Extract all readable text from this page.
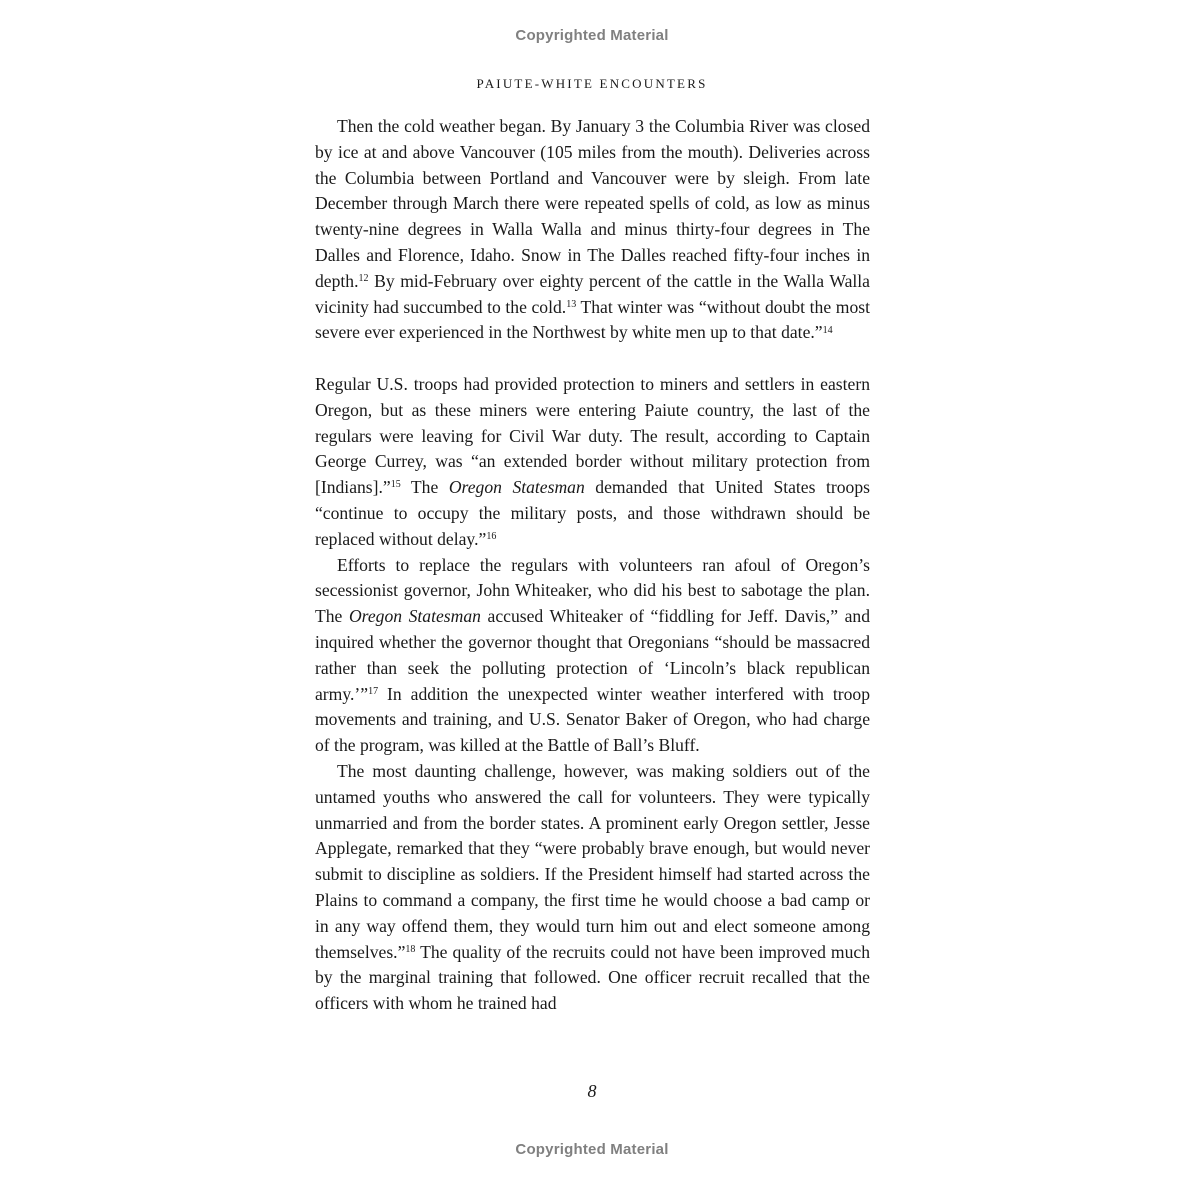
Copyrighted Material
PAIUTE-WHITE ENCOUNTERS

Then the cold weather began. By January 3 the Columbia River was closed by ice at and above Vancouver (105 miles from the mouth). Deliveries across the Columbia between Portland and Vancouver were by sleigh. From late December through March there were repeated spells of cold, as low as minus twenty-nine degrees in Walla Walla and minus thirty-four degrees in The Dalles and Florence, Idaho. Snow in The Dalles reached fifty-four inches in depth.$^{12}$ By mid-February over eighty percent of the cattle in the Walla Walla vicinity had succumbed to the cold.$^{13}$ That winter was “without doubt the most severe ever experienced in the Northwest by white men up to that date.”$^{14}$

Regular U.S. troops had provided protection to miners and settlers in eastern Oregon, but as these miners were entering Paiute country, the last of the regulars were leaving for Civil War duty. The result, according to Captain George Currey, was “an extended border without military protection from [Indians].”$^{15}$ The Oregon Statesman demanded that United States troops “continue to occupy the military posts, and those withdrawn should be replaced without delay.”$^{16}$

Efforts to replace the regulars with volunteers ran afoul of Oregon’s secessionist governor, John Whiteaker, who did his best to sabotage the plan. The Oregon Statesman accused Whiteaker of “fiddling for Jeff. Davis,” and inquired whether the governor thought that Oregonians “should be massacred rather than seek the polluting protection of ‘Lincoln’s black republican army.’”$^{17}$ In addition the unexpected winter weather interfered with troop movements and training, and U.S. Senator Baker of Oregon, who had charge of the program, was killed at the Battle of Ball’s Bluff.

The most daunting challenge, however, was making soldiers out of the untamed youths who answered the call for volunteers. They were typically unmarried and from the border states. A prominent early Oregon settler, Jesse Applegate, remarked that they “were probably brave enough, but would never submit to discipline as soldiers. If the President himself had started across the Plains to command a company, the first time he would choose a bad camp or in any way offend them, they would turn him out and elect someone among themselves.”$^{18}$ The quality of the recruits could not have been improved much by the marginal training that followed. One officer recruit recalled that the officers with whom he trained had

8
Copyrighted Material
